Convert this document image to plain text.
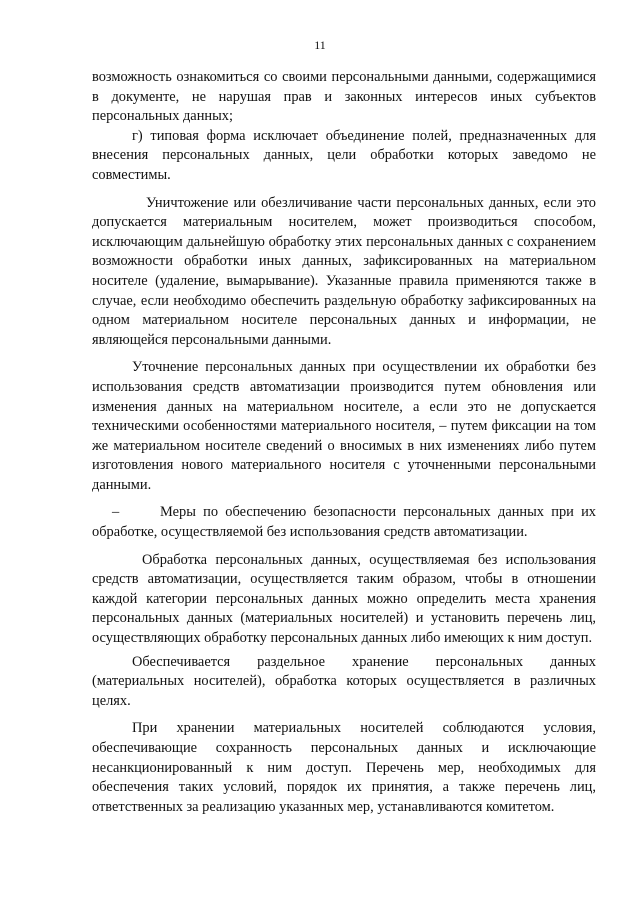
11

возможность ознакомиться со своими персональными данными, содержащимися в документе, не нарушая прав и законных интересов иных субъектов персональных данных;

г) типовая форма исключает объединение полей, предназначенных для внесения персональных данных, цели обработки которых заведомо не совместимы.

Уничтожение или обезличивание части персональных данных, если это допускается материальным носителем, может производиться способом, исключающим дальнейшую обработку этих персональных данных с сохранением возможности обработки иных данных, зафиксированных на материальном носителе (удаление, вымарывание). Указанные правила применяются также в случае, если необходимо обеспечить раздельную обработку зафиксированных на одном материальном носителе персональных данных и информации, не являющейся персональными данными.

Уточнение персональных данных при осуществлении их обработки без использования средств автоматизации производится путем обновления или изменения данных на материальном носителе, а если это не допускается техническими особенностями материального носителя, – путем фиксации на том же материальном носителе сведений о вносимых в них изменениях либо путем изготовления нового материального носителя с уточненными персональными данными.

–	Меры по обеспечению безопасности персональных данных при их

обработке, осуществляемой без использования средств автоматизации.

Обработка персональных данных, осуществляемая без использования средств автоматизации, осуществляется таким образом, чтобы в отношении каждой категории персональных данных можно определить места хранения персональных данных (материальных носителей) и установить перечень лиц, осуществляющих обработку персональных данных либо имеющих к ним доступ.

Обеспечивается раздельное хранение персональных данных (материальных носителей), обработка которых осуществляется в различных целях.

При хранении материальных носителей соблюдаются условия, обеспечивающие сохранность персональных данных и исключающие несанкционированный к ним доступ. Перечень мер, необходимых для обеспечения таких условий, порядок их принятия, а также перечень лиц, ответственных за реализацию указанных мер, устанавливаются комитетом.
